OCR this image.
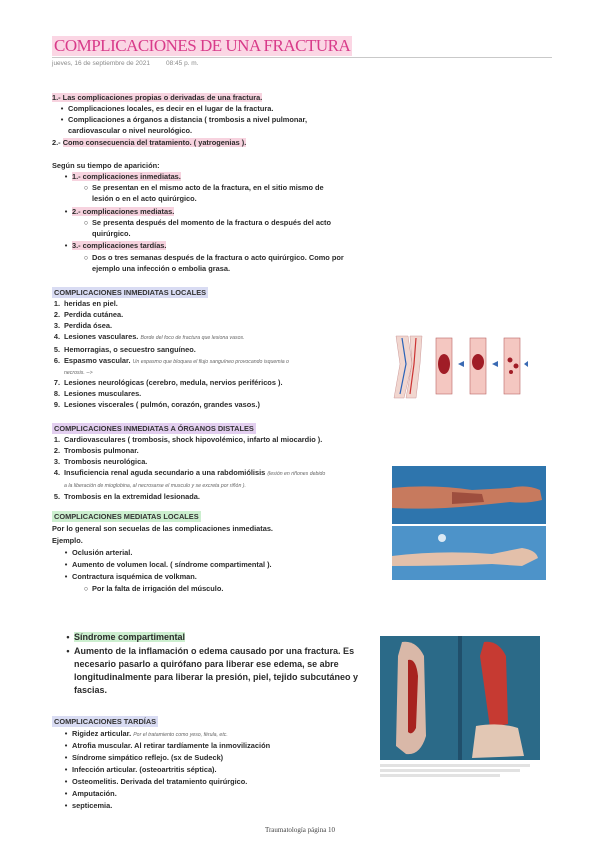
COMPLICACIONES DE UNA FRACTURA
jueves, 16 de septiembre de 2021 08:45 p. m.
1.- Las complicaciones propias o derivadas de una fractura.
• Complicaciones locales, es decir en el lugar de la fractura.
• Complicaciones a órganos a distancia ( trombosis a nivel pulmonar,
cardiovascular o nivel neurológico.
2.- Como consecuencia del tratamiento. ( yatrogenias ).
Según su tiempo de aparición:
• 1.- complicaciones inmediatas.
○ Se presentan en el mismo acto de la fractura, en el sitio mismo de
lesión o en el acto quirúrgico.
• 2.- complicaciones mediatas.
○ Se presenta después del momento de la fractura o después del acto
quirúrgico.
• 3.- complicaciones tardías.
○ Dos o tres semanas después de la fractura o acto quirúrgico. Como por
ejemplo una infección o embolia grasa.
COMPLICACIONES INMEDIATAS LOCALES
1. heridas en piel.
2. Perdida cutánea.
3. Perdida ósea.
4. Lesiones vasculares. Borde del foco de fractura que lesiona vasos.
5. Hemorragias, o secuestro sanguíneo.
6. Espasmo vascular. Un espasmo que bloquea el flujo sanguíneo provocando isquemia o
necrosis. -->
7. Lesiones neurológicas (cerebro, medula, nervios periféricos ).
8. Lesiones musculares.
9. Lesiones viscerales ( pulmón, corazón, grandes vasos.)
COMPLICACIONES INMEDIATAS A ÓRGANOS DISTALES
1. Cardiovasculares ( trombosis, shock hipovolémico, infarto al miocardio ).
2. Trombosis pulmonar.
3. Trombosis neurológica.
4. Insuficiencia renal aguda secundario a una rabdomiólisis (lesión en riñones debido
a la liberación de mioglobina, al necrosarse el musculo y se excreta por riñón ).
5. Trombosis en la extremidad lesionada.
COMPLICACIONES MEDIATAS LOCALES
Por lo general son secuelas de las complicaciones inmediatas.
Ejemplo.
• Oclusión arterial.
• Aumento de volumen local. ( síndrome compartimental ).
• Contractura isquémica de volkman.
○ Por la falta de irrigación del músculo.
• Síndrome compartimental
• Aumento de la inflamación o edema causado por una fractura. Es
necesario pasarlo a quirófano para liberar ese edema, se abre
longitudinalmente para liberar la presión, piel, tejido subcutáneo y
fascias.
COMPLICACIONES TARDÍAS
• Rigidez articular. Por el tratamiento como yeso, férula, etc.
• Atrofia muscular. Al retirar tardíamente la inmovilización
• Síndrome simpático reflejo. (sx de Sudeck)
• Infección articular. (osteoartritis séptica).
• Osteomelitis. Derivada del tratamiento quirúrgico.
• Amputación.
• septicemia.
Traumatología página 10
